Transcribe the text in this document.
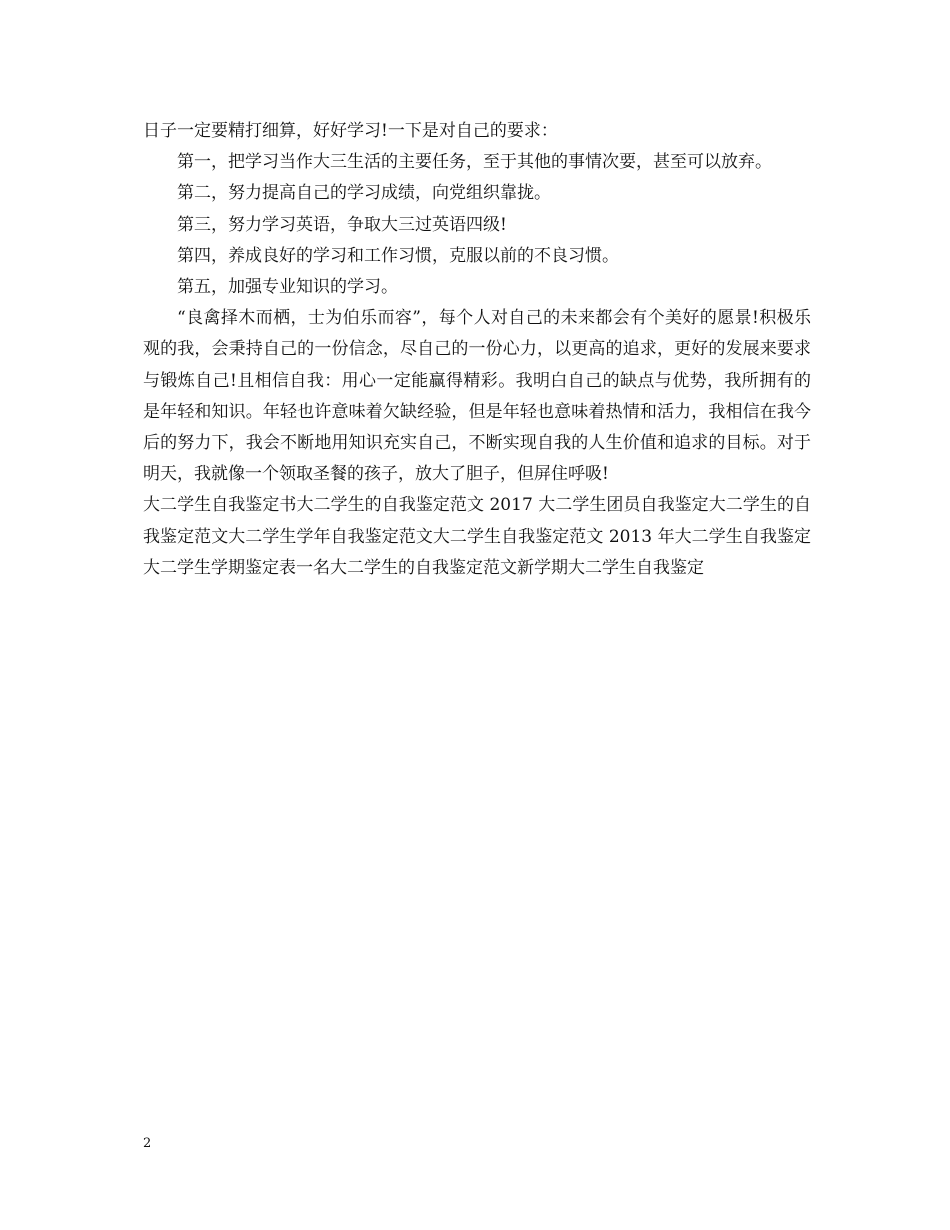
日子一定要精打细算，好好学习!一下是对自己的要求：

第一，把学习当作大三生活的主要任务，至于其他的事情次要，甚至可以放弃。

第二，努力提高自己的学习成绩，向党组织靠拢。

第三，努力学习英语，争取大三过英语四级!

第四，养成良好的学习和工作习惯，克服以前的不良习惯。

第五，加强专业知识的学习。

“良禽择木而栖，士为伯乐而容”，每个人对自己的未来都会有个美好的愿景!积极乐观的我，会秉持自己的一份信念，尽自己的一份心力，以更高的追求，更好的发展来要求与锻炼自己!且相信自我：用心一定能赢得精彩。我明白自己的缺点与优势，我所拥有的是年轻和知识。年轻也许意味着欠缺经验，但是年轻也意味着热情和活力，我相信在我今后的努力下，我会不断地用知识充实自己，不断实现自我的人生价值和追求的目标。对于明天，我就像一个领取圣餐的孩子，放大了胆子，但屏住呼吸!

大二学生自我鉴定书大二学生的自我鉴定范文 2017 大二学生团员自我鉴定大二学生的自我鉴定范文大二学生学年自我鉴定范文大二学生自我鉴定范文 2013 年大二学生自我鉴定大二学生学期鉴定表一名大二学生的自我鉴定范文新学期大二学生自我鉴定

2
